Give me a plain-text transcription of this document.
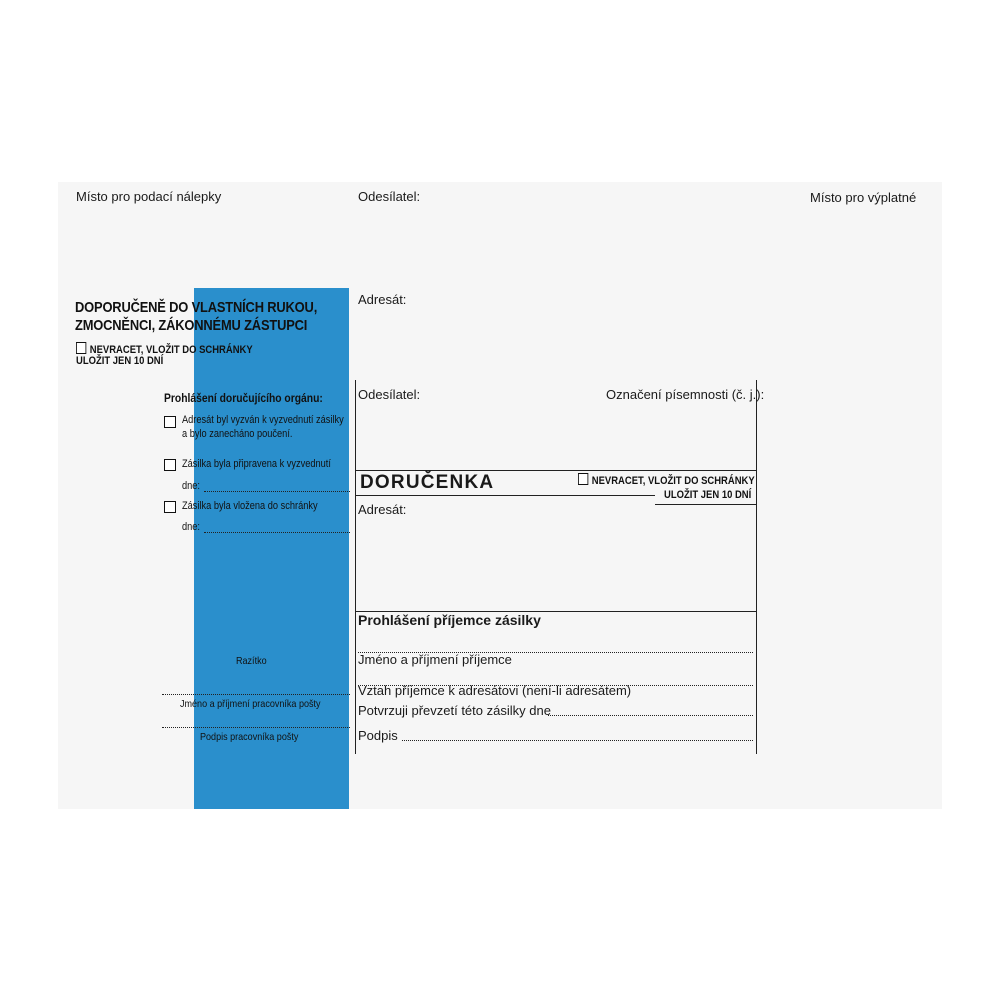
Místo pro podací nálepky	Odesílatel:	Místo pro výplatné
DOPORUČENĚ DO VLASTNÍCH RUKOU,
ZMOCNĚNCI, ZÁKONNÉMU ZÁSTUPCI
NEVRACET, VLOŽIT DO SCHRÁNKY
ULOŽIT JEN 10 DNÍ
Prohlášení doručujícího orgánu:
Adresát byl vyzván k vyzvednutí zásilky
a bylo zanecháno poučení.
Zásilka byla připravena k vyzvednutí
dne:
Zásilka byla vložena do schránky
dne:
Razítko
Jméno a příjmení pracovníka pošty
Podpis pracovníka pošty
Adresát:
Odesílatel:	Označení písemnosti (č. j.):
DORUČENKA	NEVRACET, VLOŽIT DO SCHRÁNKY
ULOŽIT JEN 10 DNÍ
Adresát:
Prohlášení příjemce zásilky
Jméno a příjmení příjemce
Vztah příjemce k adresátovi (není-li adresátem)
Potvrzuji převzetí této zásilky dne
Podpis
